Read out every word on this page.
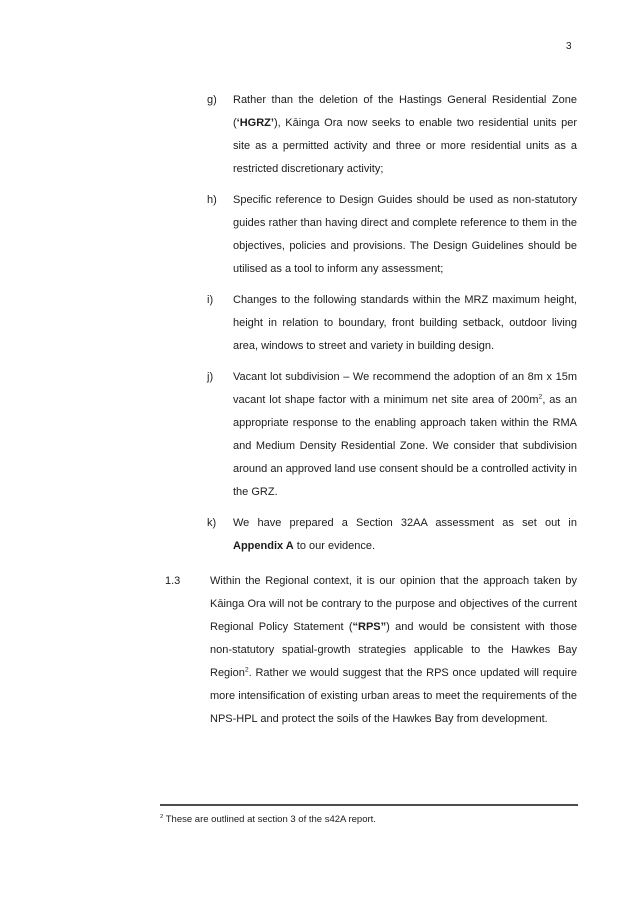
3
g)	Rather than the deletion of the Hastings General Residential Zone (‘HGRZ’), Kāinga Ora now seeks to enable two residential units per site as a permitted activity and three or more residential units as a restricted discretionary activity;
h)	Specific reference to Design Guides should be used as non-statutory guides rather than having direct and complete reference to them in the objectives, policies and provisions. The Design Guidelines should be utilised as a tool to inform any assessment;
i)	Changes to the following standards within the MRZ maximum height, height in relation to boundary, front building setback, outdoor living area, windows to street and variety in building design.
j)	Vacant lot subdivision – We recommend the adoption of an 8m x 15m vacant lot shape factor with a minimum net site area of $200m^2$, as an appropriate response to the enabling approach taken within the RMA and Medium Density Residential Zone. We consider that subdivision around an approved land use consent should be a controlled activity in the GRZ.
k)	We have prepared a Section 32AA assessment as set out in Appendix A to our evidence.
1.3	Within the Regional context, it is our opinion that the approach taken by Kāinga Ora will not be contrary to the purpose and objectives of the current Regional Policy Statement (“RPS”) and would be consistent with those non-statutory spatial-growth strategies applicable to the Hawkes Bay Region$^2$. Rather we would suggest that the RPS once updated will require more intensification of existing urban areas to meet the requirements of the NPS-HPL and protect the soils of the Hawkes Bay from development.
$^2$ These are outlined at section 3 of the s42A report.
